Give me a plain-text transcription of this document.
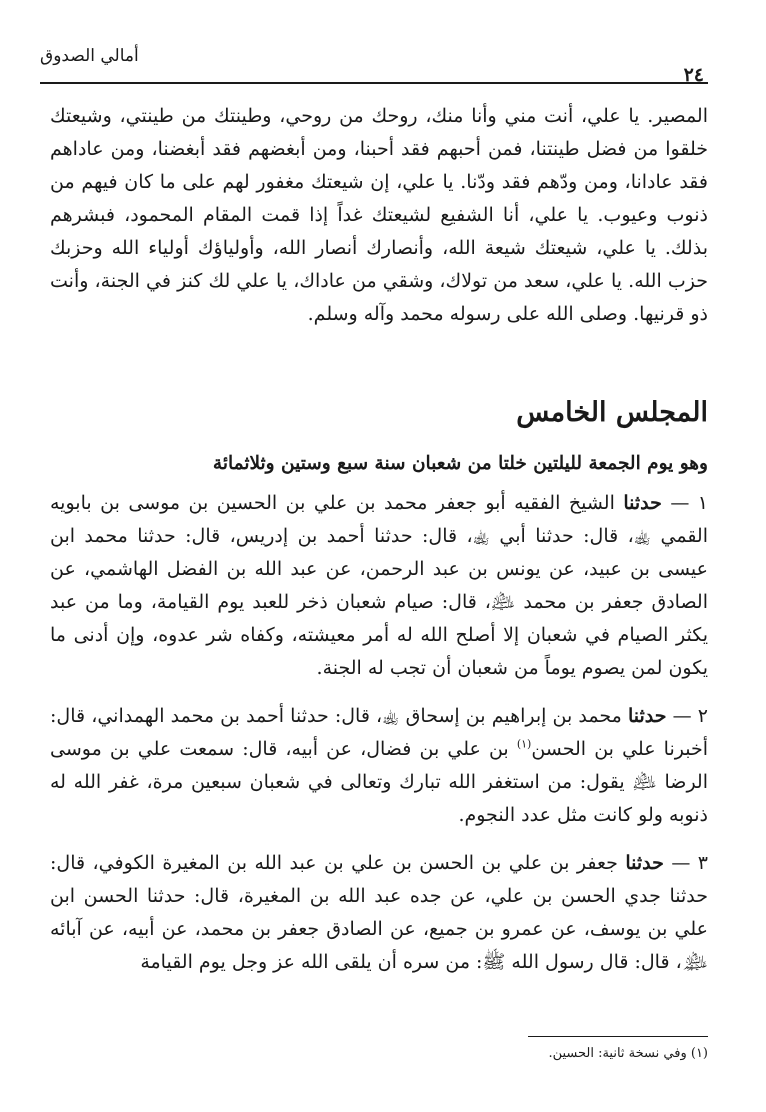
أمالي الصدوق
٢٤

المصير. يا علي، أنت مني وأنا منك، روحك من روحي، وطينتك من طينتي، وشيعتك خلقوا من فضل طينتنا، فمن أحبهم فقد أحبنا، ومن أبغضهم فقد أبغضنا، ومن عاداهم فقد عادانا، ومن ودّهم فقد ودّنا. يا علي، إن شيعتك مغفور لهم على ما كان فيهم من ذنوب وعيوب. يا علي، أنا الشفيع لشيعتك غداً إذا قمت المقام المحمود، فبشرهم بذلك. يا علي، شيعتك شيعة الله، وأنصارك أنصار الله، وأولياؤك أولياء الله وحزبك حزب الله. يا علي، سعد من تولاك، وشقي من عاداك، يا علي لك كنز في الجنة، وأنت ذو قرنيها. وصلى الله على رسوله محمد وآله وسلم.

المجلس الخامس
وهو يوم الجمعة لليلتين خلتا من شعبان سنة سبع وستين وثلاثمائة

١ — حدثنا الشيخ الفقيه أبو جعفر محمد بن علي بن الحسين بن موسى بن بابويه القمي ﵀، قال: حدثنا أبي ﵀، قال: حدثنا أحمد بن إدريس، قال: حدثنا محمد ابن عيسى بن عبيد، عن يونس بن عبد الرحمن، عن عبد الله بن الفضل الهاشمي، عن الصادق جعفر بن محمد ﵇، قال: صيام شعبان ذخر للعبد يوم القيامة، وما من عبد يكثر الصيام في شعبان إلا أصلح الله له أمر معيشته، وكفاه شر عدوه، وإن أدنى ما يكون لمن يصوم يوماً من شعبان أن تجب له الجنة.

٢ — حدثنا محمد بن إبراهيم بن إسحاق ﵀، قال: حدثنا أحمد بن محمد الهمداني، قال: أخبرنا علي بن الحسن$^{(١)}$ بن علي بن فضال، عن أبيه، قال: سمعت علي بن موسى الرضا ﵇ يقول: من استغفر الله تبارك وتعالى في شعبان سبعين مرة، غفر الله له ذنوبه ولو كانت مثل عدد النجوم.

٣ — حدثنا جعفر بن علي بن الحسن بن علي بن عبد الله بن المغيرة الكوفي، قال: حدثنا جدي الحسن بن علي، عن جده عبد الله بن المغيرة، قال: حدثنا الحسن ابن علي بن يوسف، عن عمرو بن جميع، عن الصادق جعفر بن محمد، عن أبيه، عن آبائه ﵈، قال: قال رسول الله ﷺ: من سره أن يلقى الله عز وجل يوم القيامة

(١) وفي نسخة ثانية: الحسين.
